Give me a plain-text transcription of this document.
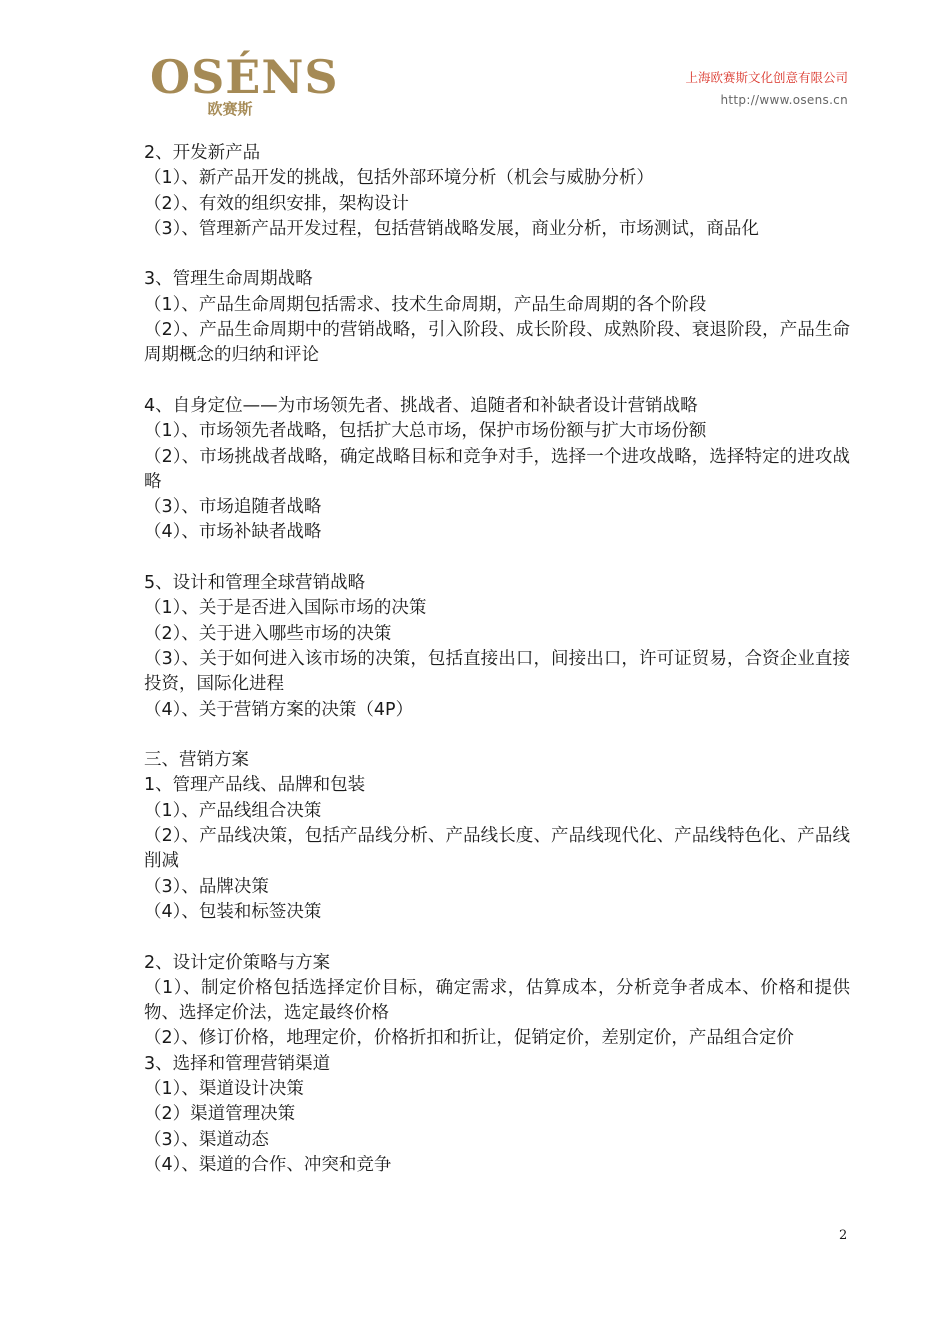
OSÉNS
欧赛斯
上海欧赛斯文化创意有限公司
http://www.osens.cn
2、开发新产品
（1）、新产品开发的挑战，包括外部环境分析（机会与威胁分析）
（2）、有效的组织安排，架构设计
（3）、管理新产品开发过程，包括营销战略发展，商业分析，市场测试，商品化
3、管理生命周期战略
（1）、产品生命周期包括需求、技术生命周期，产品生命周期的各个阶段
（2）、产品生命周期中的营销战略，引入阶段、成长阶段、成熟阶段、衰退阶段，产品生命周期概念的归纳和评论
4、自身定位——为市场领先者、挑战者、追随者和补缺者设计营销战略
（1）、市场领先者战略，包括扩大总市场，保护市场份额与扩大市场份额
（2）、市场挑战者战略，确定战略目标和竞争对手，选择一个进攻战略，选择特定的进攻战略
（3）、市场追随者战略
（4）、市场补缺者战略
5、设计和管理全球营销战略
（1）、关于是否进入国际市场的决策
（2）、关于进入哪些市场的决策
（3）、关于如何进入该市场的决策，包括直接出口，间接出口，许可证贸易，合资企业直接投资，国际化进程
（4）、关于营销方案的决策（4P）
三、营销方案
1、管理产品线、品牌和包装
（1）、产品线组合决策
（2）、产品线决策，包括产品线分析、产品线长度、产品线现代化、产品线特色化、产品线削减
（3）、品牌决策
（4）、包装和标签决策
2、设计定价策略与方案
（1）、制定价格包括选择定价目标，确定需求，估算成本，分析竞争者成本、价格和提供物、选择定价法，选定最终价格
（2）、修订价格，地理定价，价格折扣和折让，促销定价，差别定价，产品组合定价
3、选择和管理营销渠道
（1）、渠道设计决策
（2）渠道管理决策
（3）、渠道动态
（4）、渠道的合作、冲突和竞争
2
